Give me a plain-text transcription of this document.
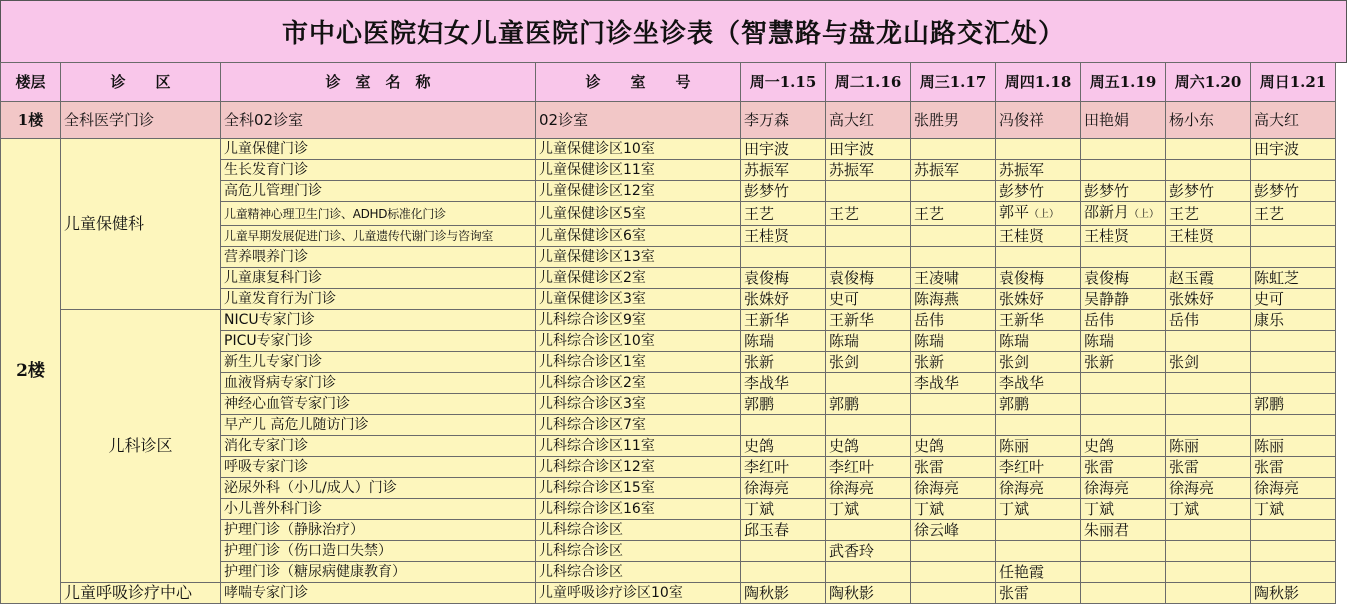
市中心医院妇女儿童医院门诊坐诊表（智慧路与盘龙山路交汇处）
楼层	诊　　区	诊　室　名　称	诊　　室　　号	周一1.15	周二1.16	周三1.17	周四1.18	周五1.19	周六1.20	周日1.21
1楼	全科医学门诊	全科02诊室	02诊室	李万森	高大红	张胜男	冯俊祥	田艳娟	杨小东	高大红
2楼	儿童保健科	儿童保健门诊	儿童保健诊区10室	田宇波	田宇波					田宇波
		生长发育门诊	儿童保健诊区11室	苏振军	苏振军	苏振军	苏振军			
		高危儿管理门诊	儿童保健诊区12室	彭梦竹			彭梦竹	彭梦竹	彭梦竹	彭梦竹
		儿童精神心理卫生门诊、ADHD标准化门诊	儿童保健诊区5室	王艺	王艺	王艺	郭平（上）	邵新月（上）	王艺	王艺
		儿童早期发展促进门诊、儿童遗传代谢门诊与咨询室	儿童保健诊区6室	王桂贤			王桂贤	王桂贤	王桂贤	
		营养喂养门诊	儿童保健诊区13室							
		儿童康复科门诊	儿童保健诊区2室	袁俊梅	袁俊梅	王凌啸	袁俊梅	袁俊梅	赵玉霞	陈虹芝
		儿童发育行为门诊	儿童保健诊区3室	张姝妤	史可	陈海燕	张姝妤	吴静静	张姝妤	史可
	儿科诊区	NICU专家门诊	儿科综合诊区9室	王新华	王新华	岳伟	王新华	岳伟	岳伟	康乐
		PICU专家门诊	儿科综合诊区10室	陈瑞	陈瑞	陈瑞	陈瑞	陈瑞		
		新生儿专家门诊	儿科综合诊区1室	张新	张剑	张新	张剑	张新	张剑	
		血液肾病专家门诊	儿科综合诊区2室	李战华		李战华	李战华			
		神经心血管专家门诊	儿科综合诊区3室	郭鹏	郭鹏		郭鹏			郭鹏
		早产儿 高危儿随访门诊	儿科综合诊区7室							
		消化专家门诊	儿科综合诊区11室	史鸽	史鸽	史鸽	陈丽	史鸽	陈丽	陈丽
		呼吸专家门诊	儿科综合诊区12室	李红叶	李红叶	张雷	李红叶	张雷	张雷	张雷
		泌尿外科（小儿/成人）门诊	儿科综合诊区15室	徐海亮	徐海亮	徐海亮	徐海亮	徐海亮	徐海亮	徐海亮
		小儿普外科门诊	儿科综合诊区16室	丁斌	丁斌	丁斌	丁斌	丁斌	丁斌	丁斌
		护理门诊（静脉治疗）	儿科综合诊区	邱玉春		徐云峰		朱丽君		
		护理门诊（伤口造口失禁）	儿科综合诊区		武香玲					
		护理门诊（糖尿病健康教育）	儿科综合诊区				任艳霞			
	儿童呼吸诊疗中心	哮喘专家门诊	儿童呼吸诊疗诊区10室	陶秋影	陶秋影		张雷			陶秋影
